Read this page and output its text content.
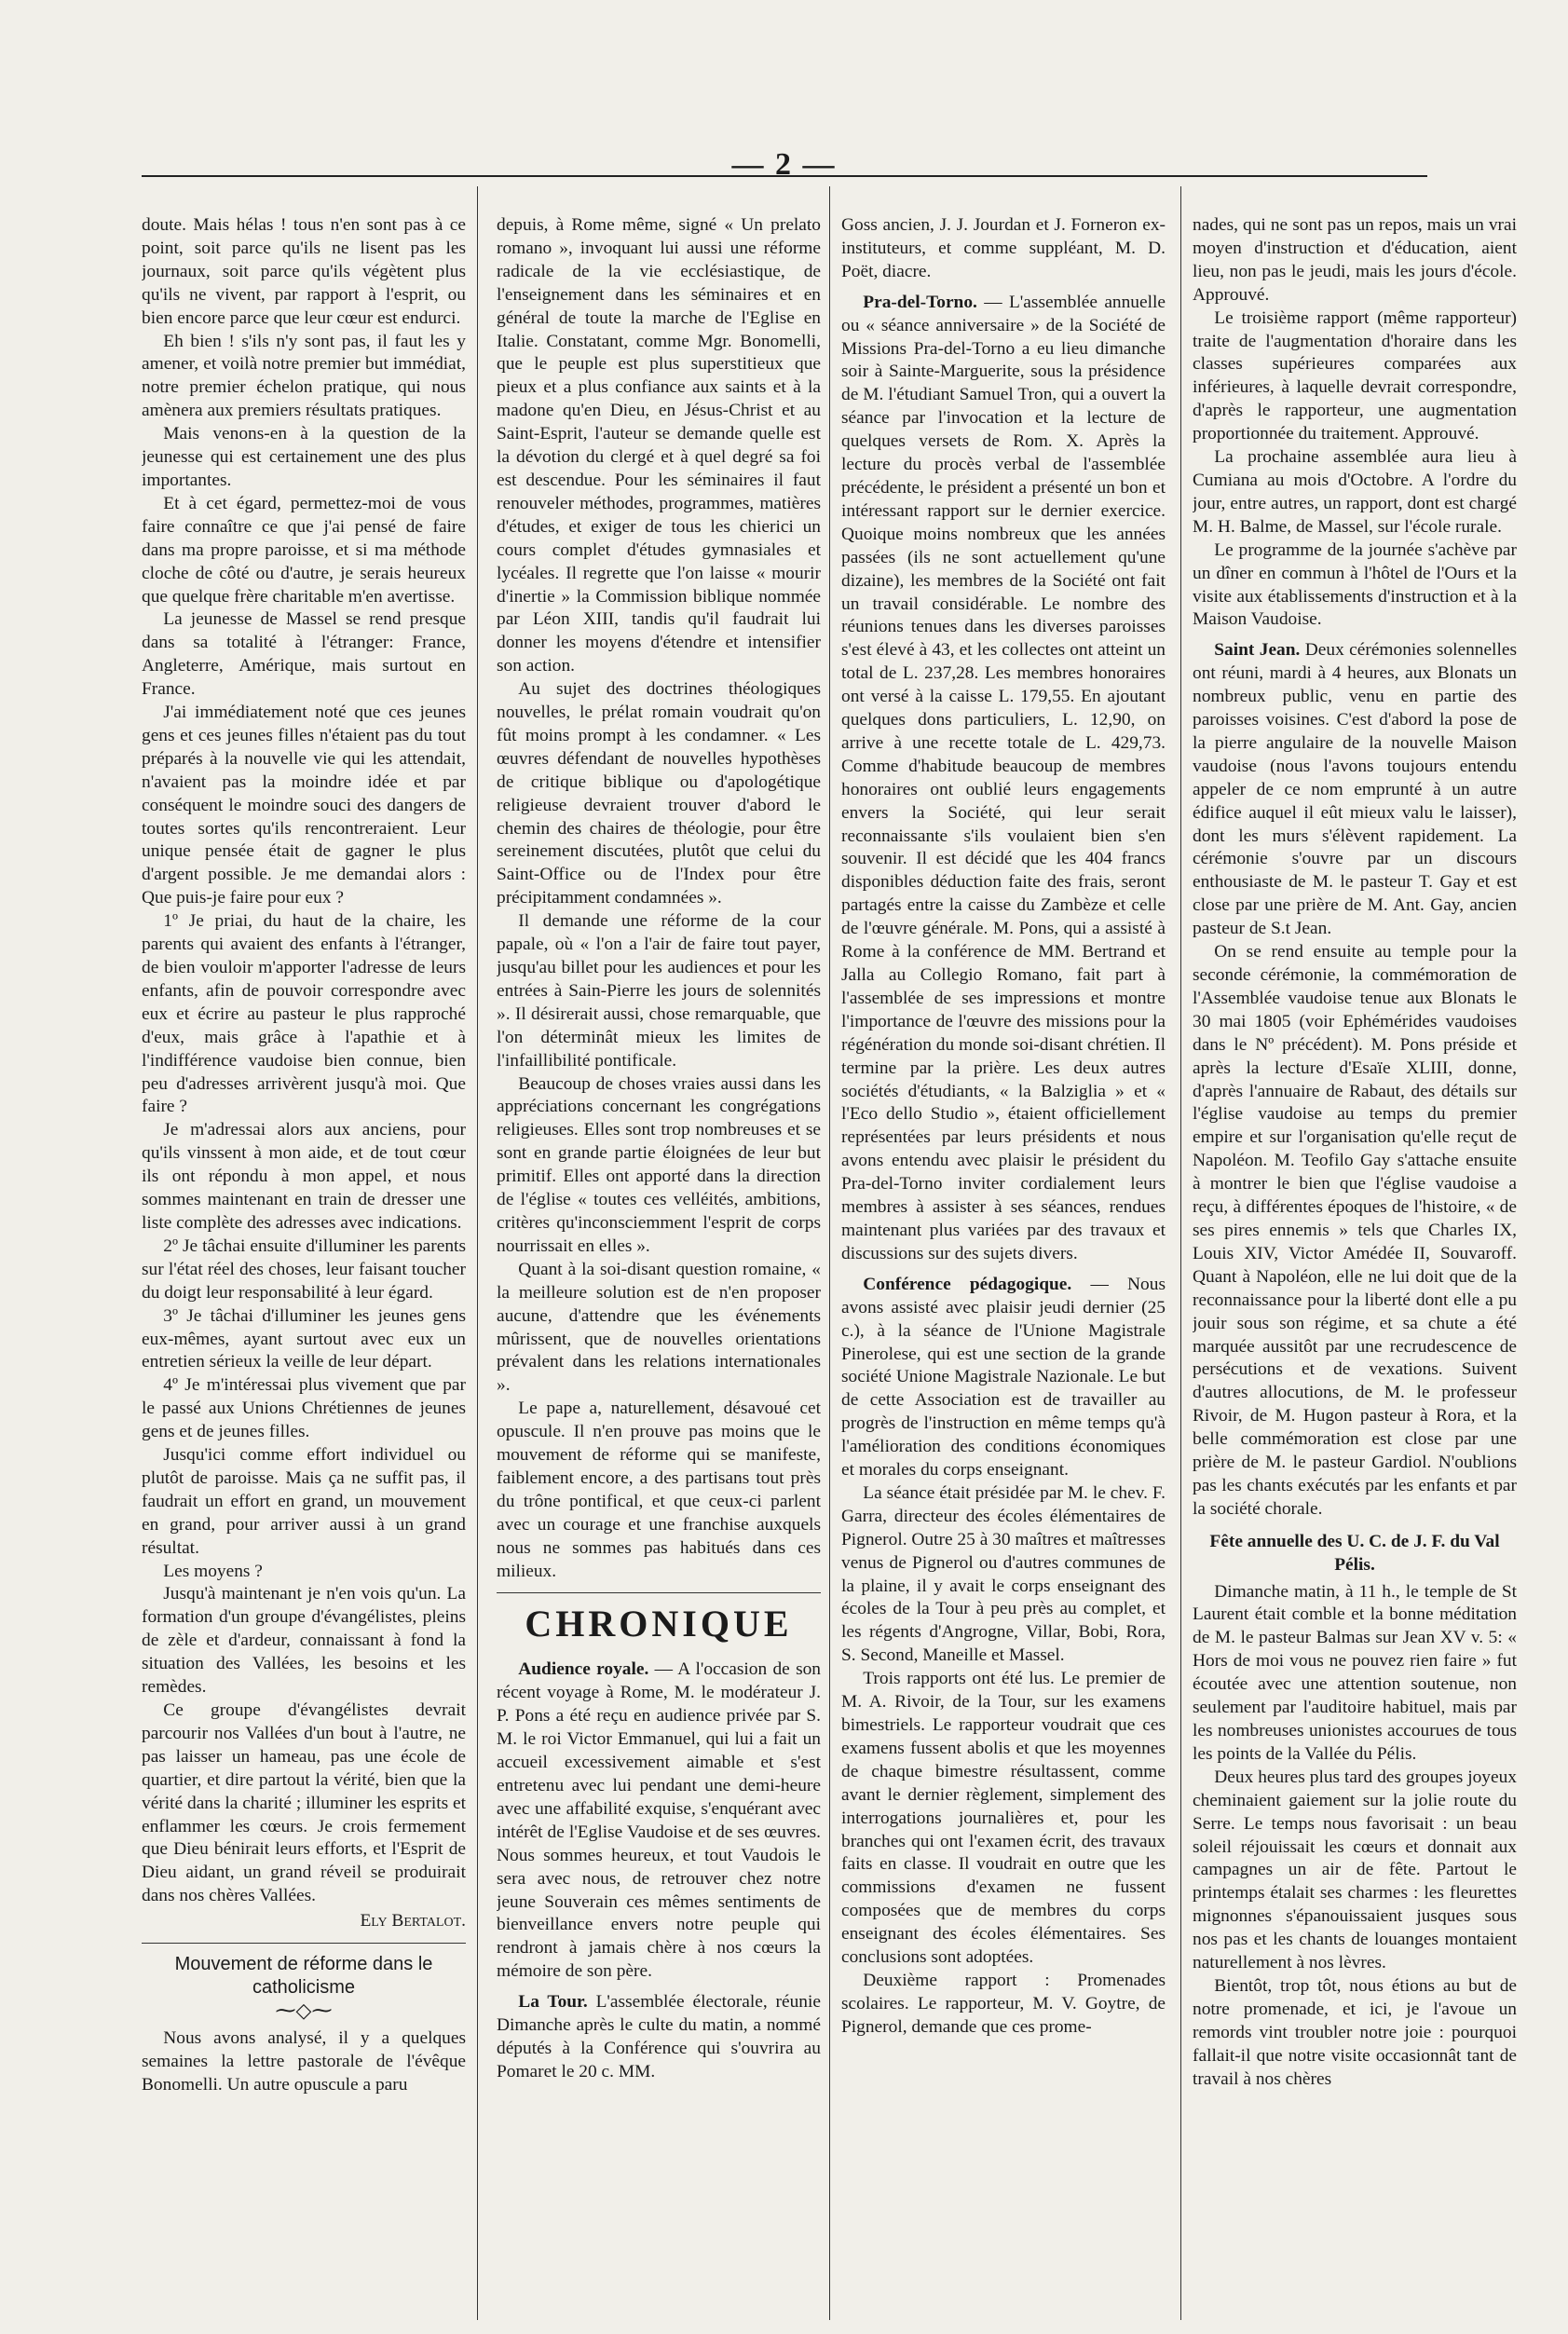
— 2 —

doute. Mais hélas ! tous n'en sont pas à ce point, soit parce qu'ils ne lisent pas les journaux, soit parce qu'ils végètent plus qu'ils ne vivent, par rapport à l'esprit, ou bien encore parce que leur cœur est endurci.

Eh bien ! s'ils n'y sont pas, il faut les y amener, et voilà notre premier but immédiat, notre premier échelon pratique, qui nous amènera aux premiers résultats pratiques.

Mais venons-en à la question de la jeunesse qui est certainement une des plus importantes.

Et à cet égard, permettez-moi de vous faire connaître ce que j'ai pensé de faire dans ma propre paroisse, et si ma méthode cloche de côté ou d'autre, je serais heureux que quelque frère charitable m'en avertisse.

La jeunesse de Massel se rend presque dans sa totalité à l'étranger: France, Angleterre, Amérique, mais surtout en France.

J'ai immédiatement noté que ces jeunes gens et ces jeunes filles n'étaient pas du tout préparés à la nouvelle vie qui les attendait, n'avaient pas la moindre idée et par conséquent le moindre souci des dangers de toutes sortes qu'ils rencontreraient. Leur unique pensée était de gagner le plus d'argent possible. Je me demandai alors : Que puis-je faire pour eux ?

1º Je priai, du haut de la chaire, les parents qui avaient des enfants à l'étranger, de bien vouloir m'apporter l'adresse de leurs enfants, afin de pouvoir correspondre avec eux et écrire au pasteur le plus rapproché d'eux, mais grâce à l'apathie et à l'indifférence vaudoise bien connue, bien peu d'adresses arrivèrent jusqu'à moi. Que faire ?

Je m'adressai alors aux anciens, pour qu'ils vinssent à mon aide, et de tout cœur ils ont répondu à mon appel, et nous sommes maintenant en train de dresser une liste complète des adresses avec indications.

2º Je tâchai ensuite d'illuminer les parents sur l'état réel des choses, leur faisant toucher du doigt leur responsabilité à leur égard.

3º Je tâchai d'illuminer les jeunes gens eux-mêmes, ayant surtout avec eux un entretien sérieux la veille de leur départ.

4º Je m'intéressai plus vivement que par le passé aux Unions Chrétiennes de jeunes gens et de jeunes filles.

Jusqu'ici comme effort individuel ou plutôt de paroisse. Mais ça ne suffit pas, il faudrait un effort en grand, un mouvement en grand, pour arriver aussi à un grand résultat.

Les moyens ?

Jusqu'à maintenant je n'en vois qu'un. La formation d'un groupe d'évangélistes, pleins de zèle et d'ardeur, connaissant à fond la situation des Vallées, les besoins et les remèdes.

Ce groupe d'évangélistes devrait parcourir nos Vallées d'un bout à l'autre, ne pas laisser un hameau, pas une école de quartier, et dire partout la vérité, bien que la vérité dans la charité ; illuminer les esprits et enflammer les cœurs. Je crois fermement que Dieu bénirait leurs efforts, et l'Esprit de Dieu aidant, un grand réveil se produirait dans nos chères Vallées.

Ely Bertalot.
Mouvement de réforme dans le catholicisme
⁓◇⁓

Nous avons analysé, il y a quelques semaines la lettre pastorale de l'évêque Bonomelli. Un autre opuscule a paru

depuis, à Rome même, signé « Un prelato romano », invoquant lui aussi une réforme radicale de la vie ecclésiastique, de l'enseignement dans les séminaires et en général de toute la marche de l'Eglise en Italie. Constatant, comme Mgr. Bonomelli, que le peuple est plus superstitieux que pieux et a plus confiance aux saints et à la madone qu'en Dieu, en Jésus-Christ et au Saint-Esprit, l'auteur se demande quelle est la dévotion du clergé et à quel degré sa foi est descendue. Pour les séminaires il faut renouveler méthodes, programmes, matières d'études, et exiger de tous les chierici un cours complet d'études gymnasiales et lycéales. Il regrette que l'on laisse « mourir d'inertie » la Commission biblique nommée par Léon XIII, tandis qu'il faudrait lui donner les moyens d'étendre et intensifier son action.

Au sujet des doctrines théologiques nouvelles, le prélat romain voudrait qu'on fût moins prompt à les condamner. « Les œuvres défendant de nouvelles hypothèses de critique biblique ou d'apologétique religieuse devraient trouver d'abord le chemin des chaires de théologie, pour être sereinement discutées, plutôt que celui du Saint-Office ou de l'Index pour être précipitamment condamnées ».

Il demande une réforme de la cour papale, où « l'on a l'air de faire tout payer, jusqu'au billet pour les audiences et pour les entrées à Sain-Pierre les jours de solennités ». Il désirerait aussi, chose remarquable, que l'on déterminât mieux les limites de l'infaillibilité pontificale.

Beaucoup de choses vraies aussi dans les appréciations concernant les congrégations religieuses. Elles sont trop nombreuses et se sont en grande partie éloignées de leur but primitif. Elles ont apporté dans la direction de l'église « toutes ces velléités, ambitions, critères qu'inconsciemment l'esprit de corps nourrissait en elles ».

Quant à la soi-disant question romaine, « la meilleure solution est de n'en proposer aucune, d'attendre que les événements mûrissent, que de nouvelles orientations prévalent dans les relations internationales ».

Le pape a, naturellement, désavoué cet opuscule. Il n'en prouve pas moins que le mouvement de réforme qui se manifeste, faiblement encore, a des partisans tout près du trône pontifical, et que ceux-ci parlent avec un courage et une franchise auxquels nous ne sommes pas habitués dans ces milieux.

CHRONIQUE

Audience royale. — A l'occasion de son récent voyage à Rome, M. le modérateur J. P. Pons a été reçu en audience privée par S. M. le roi Victor Emmanuel, qui lui a fait un accueil excessivement aimable et s'est entretenu avec lui pendant une demi-heure avec une affabilité exquise, s'enquérant avec intérêt de l'Eglise Vaudoise et de ses œuvres. Nous sommes heureux, et tout Vaudois le sera avec nous, de retrouver chez notre jeune Souverain ces mêmes sentiments de bienveillance envers notre peuple qui rendront à jamais chère à nos cœurs la mémoire de son père.

La Tour. L'assemblée électorale, réunie Dimanche après le culte du matin, a nommé députés à la Conférence qui s'ouvrira au Pomaret le 20 c. MM.

Goss ancien, J. J. Jourdan et J. Forneron ex-instituteurs, et comme suppléant, M. D. Poët, diacre.

Pra-del-Torno. — L'assemblée annuelle ou « séance anniversaire » de la Société de Missions Pra-del-Torno a eu lieu dimanche soir à Sainte-Marguerite, sous la présidence de M. l'étudiant Samuel Tron, qui a ouvert la séance par l'invocation et la lecture de quelques versets de Rom. X. Après la lecture du procès verbal de l'assemblée précédente, le président a présenté un bon et intéressant rapport sur le dernier exercice. Quoique moins nombreux que les années passées (ils ne sont actuellement qu'une dizaine), les membres de la Société ont fait un travail considérable. Le nombre des réunions tenues dans les diverses paroisses s'est élevé à 43, et les collectes ont atteint un total de L. 237,28. Les membres honoraires ont versé à la caisse L. 179,55. En ajoutant quelques dons particuliers, L. 12,90, on arrive à une recette totale de L. 429,73. Comme d'habitude beaucoup de membres honoraires ont oublié leurs engagements envers la Société, qui leur serait reconnaissante s'ils voulaient bien s'en souvenir. Il est décidé que les 404 francs disponibles déduction faite des frais, seront partagés entre la caisse du Zambèze et celle de l'œuvre générale. M. Pons, qui a assisté à Rome à la conférence de MM. Bertrand et Jalla au Collegio Romano, fait part à l'assemblée de ses impressions et montre l'importance de l'œuvre des missions pour la régénération du monde soi-disant chrétien. Il termine par la prière. Les deux autres sociétés d'étudiants, « la Balziglia » et « l'Eco dello Studio », étaient officiellement représentées par leurs présidents et nous avons entendu avec plaisir le président du Pra-del-Torno inviter cordialement leurs membres à assister à ses séances, rendues maintenant plus variées par des travaux et discussions sur des sujets divers.

Conférence pédagogique. — Nous avons assisté avec plaisir jeudi dernier (25 c.), à la séance de l'Unione Magistrale Pinerolese, qui est une section de la grande société Unione Magistrale Nazionale. Le but de cette Association est de travailler au progrès de l'instruction en même temps qu'à l'amélioration des conditions économiques et morales du corps enseignant.

La séance était présidée par M. le chev. F. Garra, directeur des écoles élémentaires de Pignerol. Outre 25 à 30 maîtres et maîtresses venus de Pignerol ou d'autres communes de la plaine, il y avait le corps enseignant des écoles de la Tour à peu près au complet, et les régents d'Angrogne, Villar, Bobi, Rora, S. Second, Maneille et Massel.

Trois rapports ont été lus. Le premier de M. A. Rivoir, de la Tour, sur les examens bimestriels. Le rapporteur voudrait que ces examens fussent abolis et que les moyennes de chaque bimestre résultassent, comme avant le dernier règlement, simplement des interrogations journalières et, pour les branches qui ont l'examen écrit, des travaux faits en classe. Il voudrait en outre que les commissions d'examen ne fussent composées que de membres du corps enseignant des écoles élémentaires. Ses conclusions sont adoptées.

Deuxième rapport : Promenades scolaires. Le rapporteur, M. V. Goytre, de Pignerol, demande que ces prome-

nades, qui ne sont pas un repos, mais un vrai moyen d'instruction et d'éducation, aient lieu, non pas le jeudi, mais les jours d'école. Approuvé.

Le troisième rapport (même rapporteur) traite de l'augmentation d'horaire dans les classes supérieures comparées aux inférieures, à laquelle devrait correspondre, d'après le rapporteur, une augmentation proportionnée du traitement. Approuvé.

La prochaine assemblée aura lieu à Cumiana au mois d'Octobre. A l'ordre du jour, entre autres, un rapport, dont est chargé M. H. Balme, de Massel, sur l'école rurale.

Le programme de la journée s'achève par un dîner en commun à l'hôtel de l'Ours et la visite aux établissements d'instruction et à la Maison Vaudoise.

Saint Jean. Deux cérémonies solennelles ont réuni, mardi à 4 heures, aux Blonats un nombreux public, venu en partie des paroisses voisines. C'est d'abord la pose de la pierre angulaire de la nouvelle Maison vaudoise (nous l'avons toujours entendu appeler de ce nom emprunté à un autre édifice auquel il eût mieux valu le laisser), dont les murs s'élèvent rapidement. La cérémonie s'ouvre par un discours enthousiaste de M. le pasteur T. Gay et est close par une prière de M. Ant. Gay, ancien pasteur de S.t Jean.

On se rend ensuite au temple pour la seconde cérémonie, la commémoration de l'Assemblée vaudoise tenue aux Blonats le 30 mai 1805 (voir Ephémérides vaudoises dans le Nº précédent). M. Pons préside et après la lecture d'Esaïe XLIII, donne, d'après l'annuaire de Rabaut, des détails sur l'église vaudoise au temps du premier empire et sur l'organisation qu'elle reçut de Napoléon. M. Teofilo Gay s'attache ensuite à montrer le bien que l'église vaudoise a reçu, à différentes époques de l'histoire, « de ses pires ennemis » tels que Charles IX, Louis XIV, Victor Amédée II, Souvaroff. Quant à Napoléon, elle ne lui doit que de la reconnaissance pour la liberté dont elle a pu jouir sous son régime, et sa chute a été marquée aussitôt par une recrudescence de persécutions et de vexations. Suivent d'autres allocutions, de M. le professeur Rivoir, de M. Hugon pasteur à Rora, et la belle commémoration est close par une prière de M. le pasteur Gardiol. N'oublions pas les chants exécutés par les enfants et par la société chorale.

Fête annuelle des U. C. de J. F. du Val Pélis.

Dimanche matin, à 11 h., le temple de St Laurent était comble et la bonne méditation de M. le pasteur Balmas sur Jean XV v. 5: « Hors de moi vous ne pouvez rien faire » fut écoutée avec une attention soutenue, non seulement par l'auditoire habituel, mais par les nombreuses unionistes accourues de tous les points de la Vallée du Pélis.

Deux heures plus tard des groupes joyeux cheminaient gaiement sur la jolie route du Serre. Le temps nous favorisait : un beau soleil réjouissait les cœurs et donnait aux campagnes un air de fête. Partout le printemps étalait ses charmes : les fleurettes mignonnes s'épanouissaient jusques sous nos pas et les chants de louanges montaient naturellement à nos lèvres.

Bientôt, trop tôt, nous étions au but de notre promenade, et ici, je l'avoue un remords vint troubler notre joie : pourquoi fallait-il que notre visite occasionnât tant de travail à nos chères
